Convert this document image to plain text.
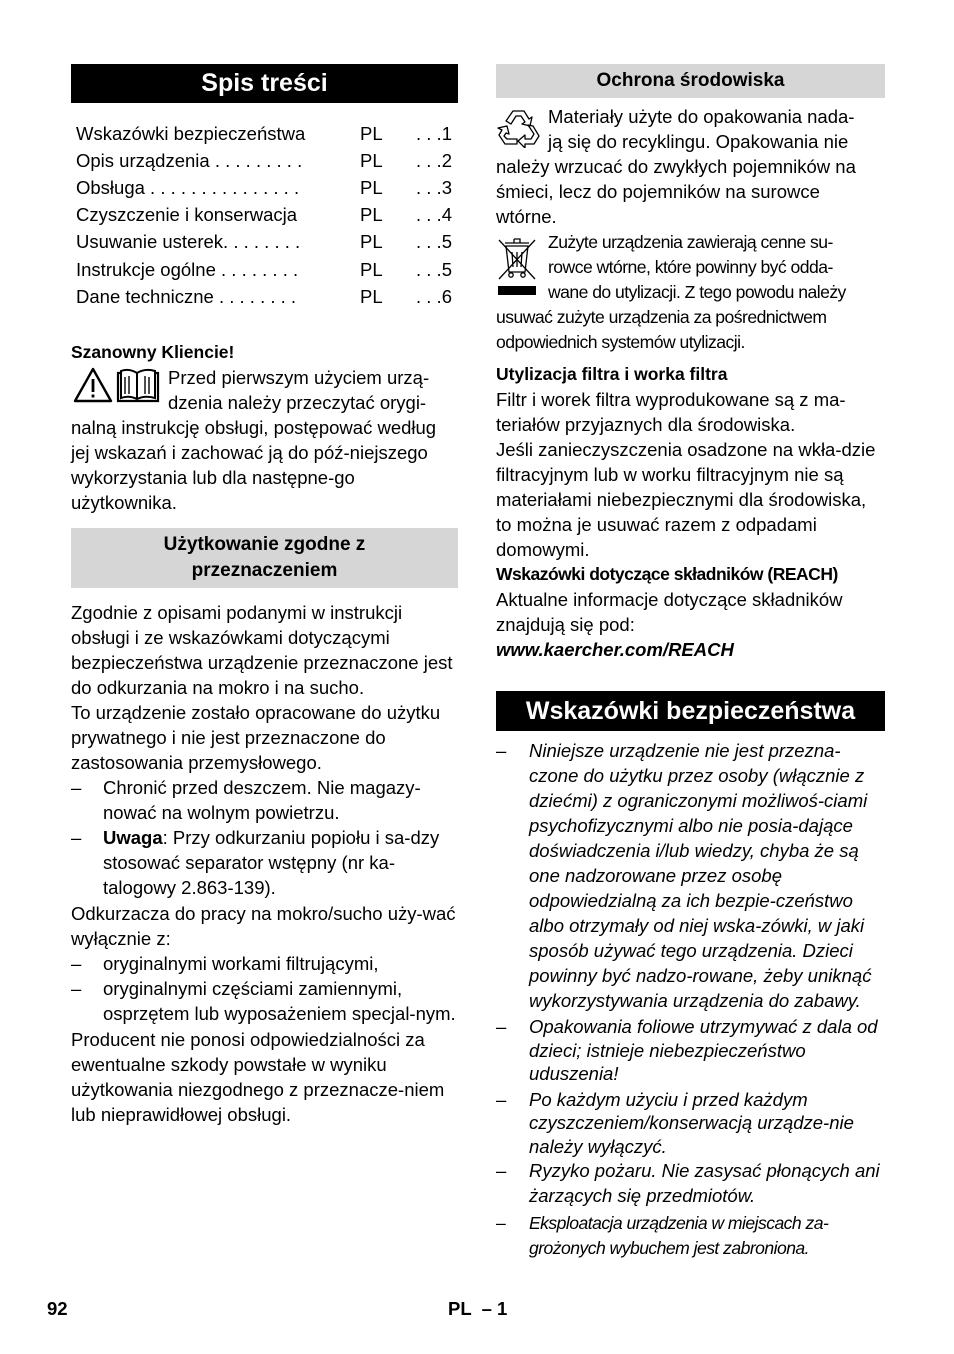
Spis treści
Wskazówki bezpieczeństwa	PL	. . .1
Opis urządzenia . . . . . . . . .	PL	. . .2
Obsługa . . . . . . . . . . . . . . .	PL	. . .3
Czyszczenie i konserwacja	PL	. . .4
Usuwanie usterek. . . . . . . .	PL	. . .5
Instrukcje ogólne . . . . . . . .	PL	. . .5
Dane techniczne . . . . . . . .	PL	. . .6

Szanowny Kliencie!

Przed pierwszym użyciem urzą-

dzenia należy przeczytać orygi-

nalną instrukcję obsługi, postępować według jej wskazań i zachować ją do póź-niejszego wykorzystania lub dla następne-go użytkownika.

Użytkowanie zgodne z
przeznaczeniem

Zgodnie z opisami podanymi w instrukcji obsługi i ze wskazówkami dotyczącymi bezpieczeństwa urządzenie przeznaczone jest do odkurzania na mokro i na sucho.

To urządzenie zostało opracowane do użytku prywatnego i nie jest przeznaczone do zastosowania przemysłowego.

– Chronić przed deszczem. Nie magazy-nować na wolnym powietrzu.
– Uwaga: Przy odkurzaniu popiołu i sa-dzy stosować separator wstępny (nr ka-talogowy 2.863-139).

Odkurzacza do pracy na mokro/sucho uży-wać wyłącznie z:

– oryginalnymi workami filtrującymi,
– oryginalnymi częściami zamiennymi, osprzętem lub wyposażeniem specjal-nym.

Producent nie ponosi odpowiedzialności za ewentualne szkody powstałe w wyniku użytkowania niezgodnego z przeznacze-niem lub nieprawidłowej obsługi.

Ochrona środowiska

Materiały użyte do opakowania nada-

ją się do recyklingu. Opakowania nie

należy wrzucać do zwykłych pojemników na śmieci, lecz do pojemników na surowce wtórne.

Zużyte urządzenia zawierają cenne su-

rowce wtórne, które powinny być odda-

wane do utylizacji. Z tego powodu należy

usuwać zużyte urządzenia za pośrednictwem odpowiednich systemów utylizacji.

Utylizacja filtra i worka filtra

Filtr i worek filtra wyprodukowane są z ma-teriałów przyjaznych dla środowiska.

Jeśli zanieczyszczenia osadzone na wkła-dzie filtracyjnym lub w worku filtracyjnym nie są materiałami niebezpiecznymi dla środowiska, to można je usuwać razem z odpadami domowymi.

Wskazówki dotyczące składników (REACH)

Aktualne informacje dotyczące składników znajdują się pod:

www.kaercher.com/REACH

Wskazówki bezpieczeństwa
– Niniejsze urządzenie nie jest przezna-czone do użytku przez osoby (włącznie z dziećmi) z ograniczonymi możliwoś-ciami psychofizycznymi albo nie posia-dające doświadczenia i/lub wiedzy, chyba że są one nadzorowane przez osobę odpowiedzialną za ich bezpie-czeństwo albo otrzymały od niej wska-zówki, w jaki sposób używać tego urządzenia. Dzieci powinny być nadzo-rowane, żeby uniknąć wykorzystywania urządzenia do zabawy.
– Opakowania foliowe utrzymywać z dala od dzieci; istnieje niebezpieczeństwo uduszenia!
– Po każdym użyciu i przed każdym czyszczeniem/konserwacją urządze-nie należy wyłączyć.
– Ryzyko pożaru. Nie zasysać płonących ani żarzących się przedmiotów.
– Eksploatacja urządzenia w miejscach za-grożonych wybuchem jest zabroniona.
92	PL  – 1
